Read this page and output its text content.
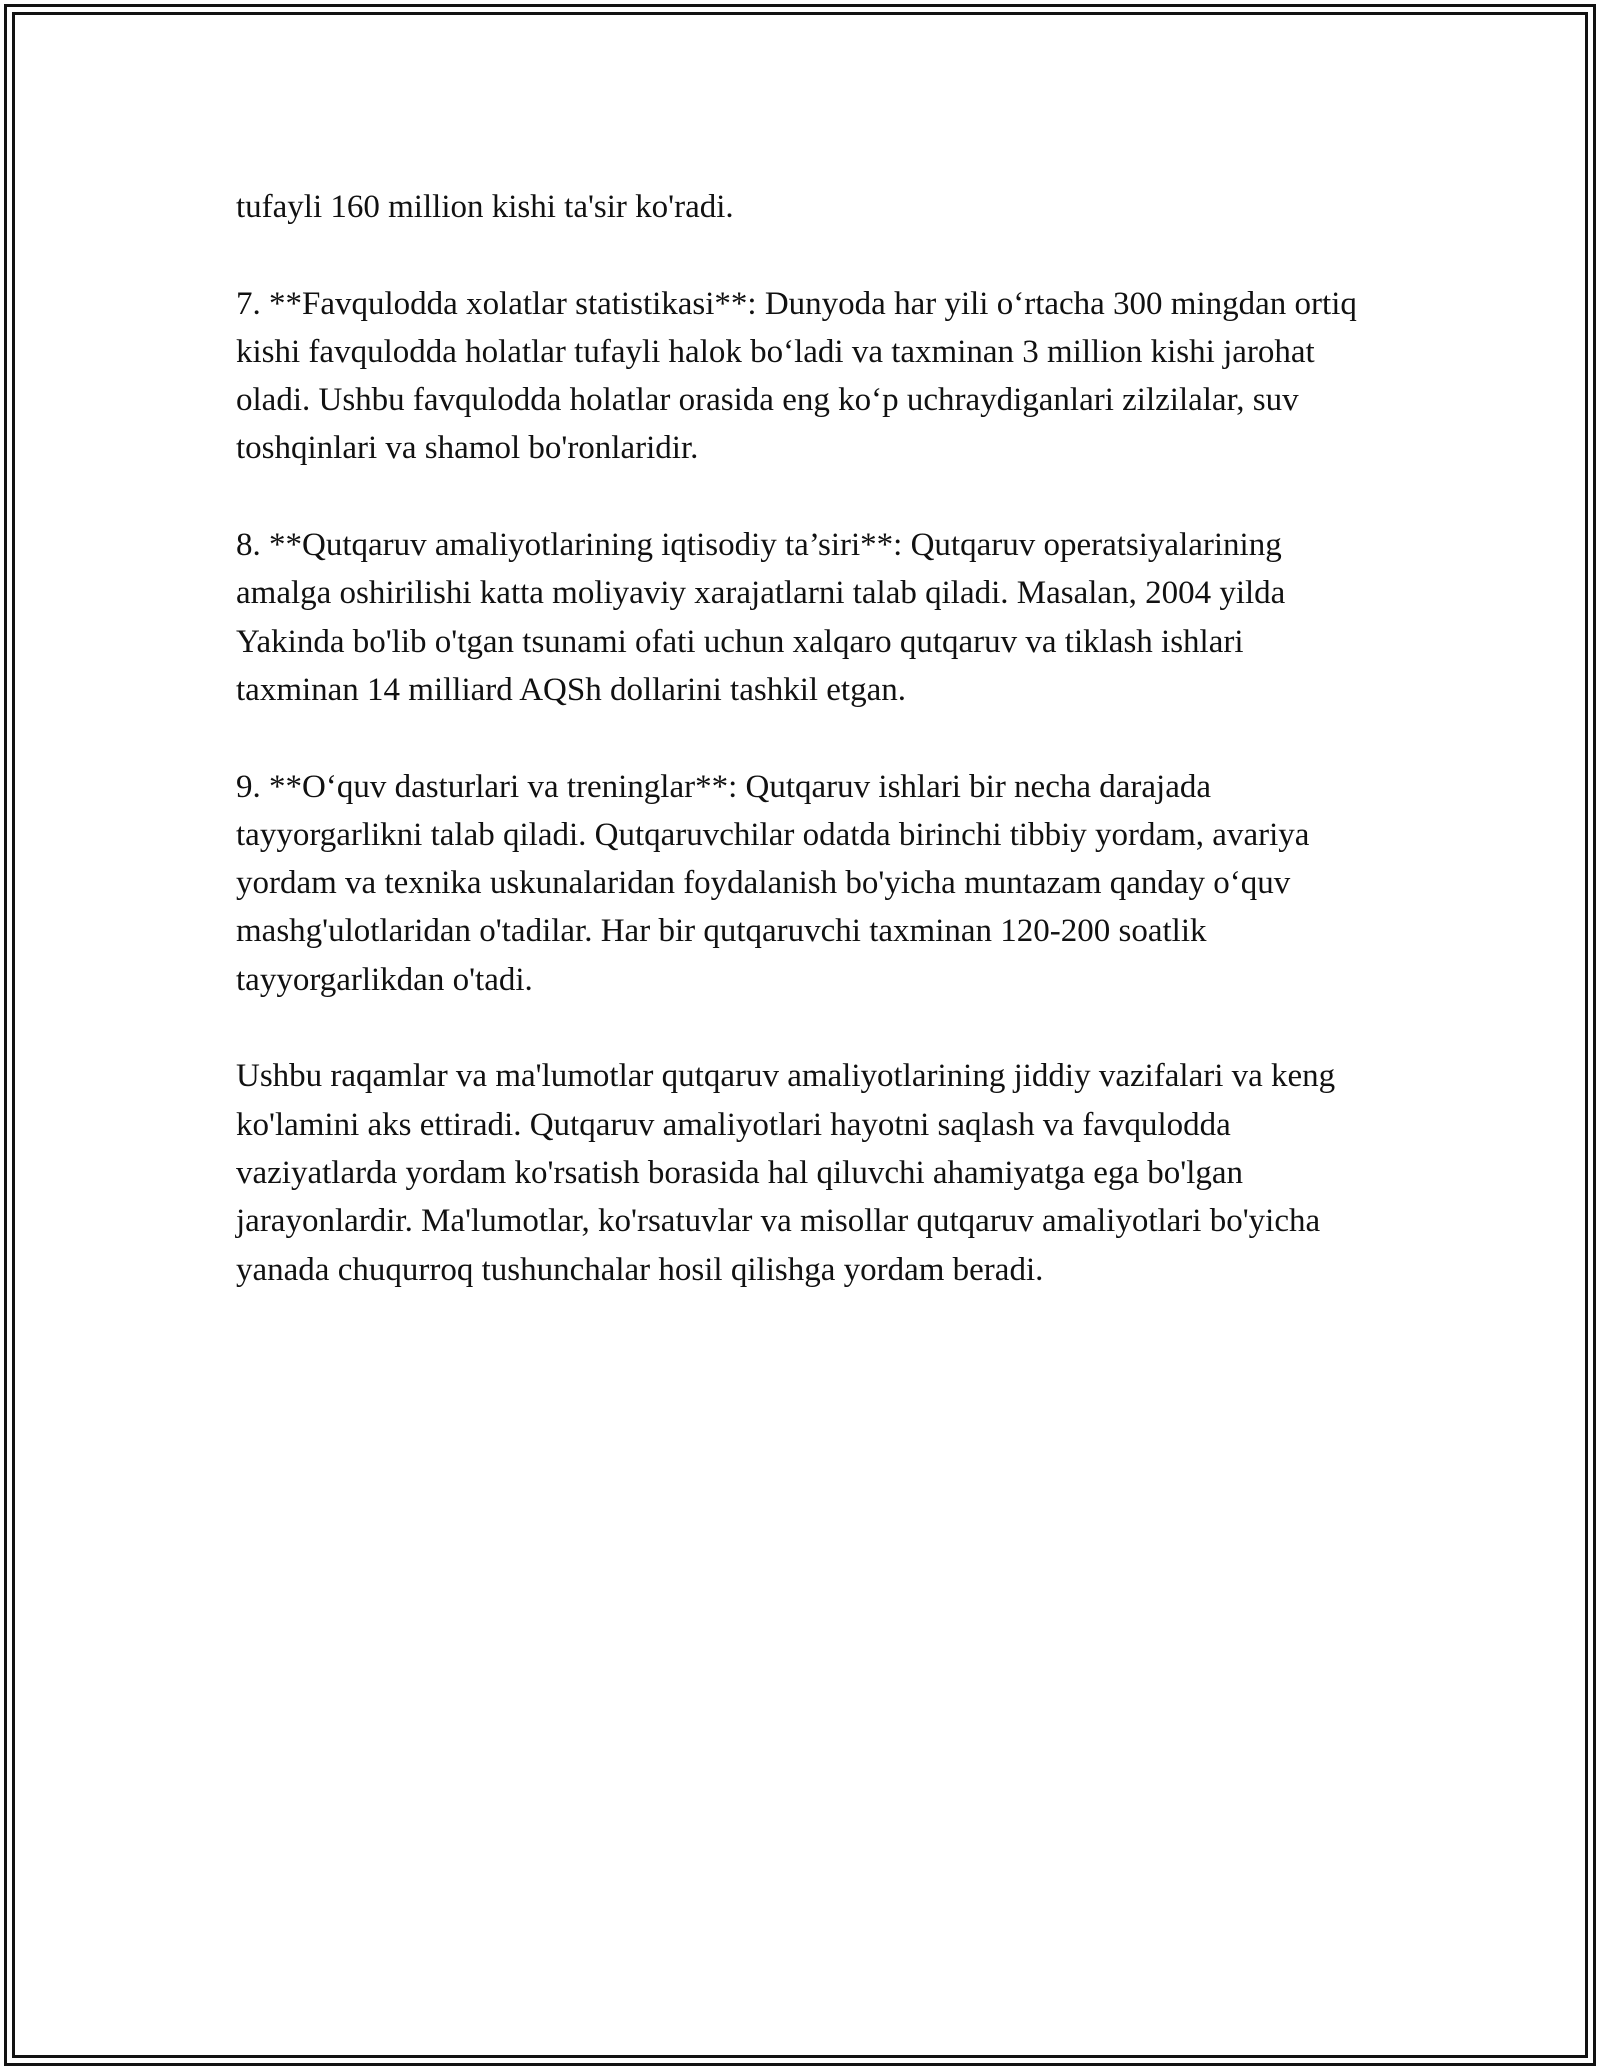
tufayli 160 million kishi ta'sir ko'radi.

7. **Favqulodda xolatlar statistikasi**: Dunyoda har yili o‘rtacha 300 mingdan ortiq kishi favqulodda holatlar tufayli halok bo‘ladi va taxminan 3 million kishi jarohat oladi. Ushbu favqulodda holatlar orasida eng ko‘p uchraydiganlari zilzilalar, suv toshqinlari va shamol bo'ronlaridir.

8. **Qutqaruv amaliyotlarining iqtisodiy ta’siri**: Qutqaruv operatsiyalarining amalga oshirilishi katta moliyaviy xarajatlarni talab qiladi. Masalan, 2004 yilda Yakinda bo'lib o'tgan tsunami ofati uchun xalqaro qutqaruv va tiklash ishlari taxminan 14 milliard AQSh dollarini tashkil etgan.

9. **O‘quv dasturlari va treninglar**: Qutqaruv ishlari bir necha darajada tayyorgarlikni talab qiladi. Qutqaruvchilar odatda birinchi tibbiy yordam, avariya yordam va texnika uskunalaridan foydalanish bo'yicha muntazam qanday o‘quv mashg'ulotlaridan o'tadilar. Har bir qutqaruvchi taxminan 120-200 soatlik tayyorgarlikdan o'tadi.

Ushbu raqamlar va ma'lumotlar qutqaruv amaliyotlarining jiddiy vazifalari va keng ko'lamini aks ettiradi. Qutqaruv amaliyotlari hayotni saqlash va favqulodda vaziyatlarda yordam ko'rsatish borasida hal qiluvchi ahamiyatga ega bo'lgan jarayonlardir. Ma'lumotlar, ko'rsatuvlar va misollar qutqaruv amaliyotlari bo'yicha yanada chuqurroq tushunchalar hosil qilishga yordam beradi.
